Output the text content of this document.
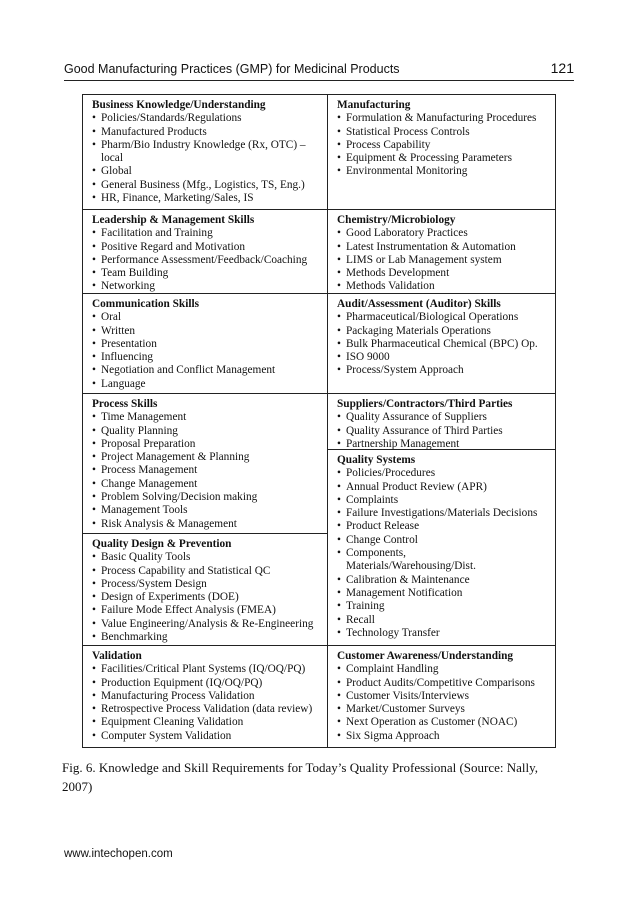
Good Manufacturing Practices (GMP) for Medicinal Products	121
Business Knowledge/Understanding
• Policies/Standards/Regulations
• Manufactured Products
• Pharm/Bio Industry Knowledge (Rx, OTC) – local
• Global
• General Business (Mfg., Logistics, TS, Eng.)
• HR, Finance, Marketing/Sales, IS
Leadership & Management Skills
• Facilitation and Training
• Positive Regard and Motivation
• Performance Assessment/Feedback/Coaching
• Team Building
• Networking
Communication Skills
• Oral
• Written
• Presentation
• Influencing
• Negotiation and Conflict Management
• Language
Process Skills
• Time Management
• Quality Planning
• Proposal Preparation
• Project Management & Planning
• Process Management
• Change Management
• Problem Solving/Decision making
• Management Tools
• Risk Analysis & Management
Quality Design & Prevention
• Basic Quality Tools
• Process Capability and Statistical QC
• Process/System Design
• Design of Experiments (DOE)
• Failure Mode Effect Analysis (FMEA)
• Value Engineering/Analysis & Re-Engineering
• Benchmarking
Validation
• Facilities/Critical Plant Systems (IQ/OQ/PQ)
• Production Equipment (IQ/OQ/PQ)
• Manufacturing Process Validation
• Retrospective Process Validation (data review)
• Equipment Cleaning Validation
• Computer System Validation
Manufacturing
• Formulation & Manufacturing Procedures
• Statistical Process Controls
• Process Capability
• Equipment & Processing Parameters
• Environmental Monitoring
Chemistry/Microbiology
• Good Laboratory Practices
• Latest Instrumentation & Automation
• LIMS or Lab Management system
• Methods Development
• Methods Validation
Audit/Assessment (Auditor) Skills
• Pharmaceutical/Biological Operations
• Packaging Materials Operations
• Bulk Pharmaceutical Chemical (BPC) Op.
• ISO 9000
• Process/System Approach
Suppliers/Contractors/Third Parties
• Quality Assurance of Suppliers
• Quality Assurance of Third Parties
• Partnership Management
Quality Systems
• Policies/Procedures
• Annual Product Review (APR)
• Complaints
• Failure Investigations/Materials Decisions
• Product Release
• Change Control
• Components, Materials/Warehousing/Dist.
• Calibration & Maintenance
• Management Notification
• Training
• Recall
• Technology Transfer
Customer Awareness/Understanding
• Complaint Handling
• Product Audits/Competitive Comparisons
• Customer Visits/Interviews
• Market/Customer Surveys
• Next Operation as Customer (NOAC)
• Six Sigma Approach
Fig. 6. Knowledge and Skill Requirements for Today’s Quality Professional (Source: Nally, 2007)
www.intechopen.com
